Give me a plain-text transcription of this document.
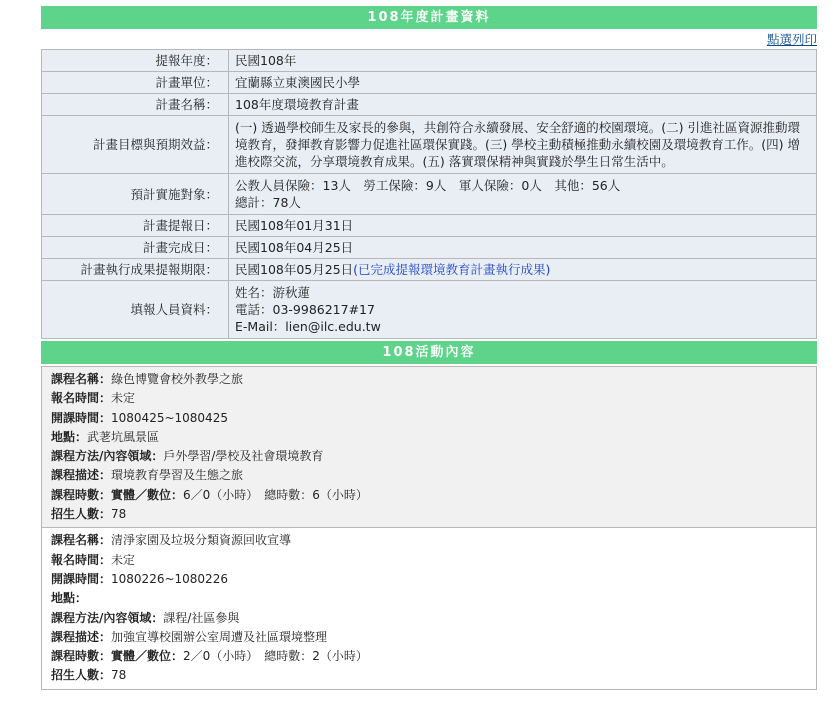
108年度計畫資料
點選列印
提報年度：	民國108年
計畫單位：	宜蘭縣立東澳國民小學
計畫名稱：	108年度環境教育計畫
計畫目標與預期效益：	(一) 透過學校師生及家長的參與，共創符合永續發展、安全舒適的校園環境。(二) 引進社區資源推動環境教育，發揮教育影響力促進社區環保實踐。(三) 學校主動積極推動永續校園及環境教育工作。(四) 增進校際交流，分享環境教育成果。(五) 落實環保精神與實踐於學生日常生活中。
預計實施對象：	公教人員保險：13人　勞工保險：9人　軍人保險：0人　其他：56人
總計：78人

計畫提報日：	民國108年01月31日
計畫完成日：	民國108年04月25日
計畫執行成果提報期限：	民國108年05月25日(已完成提報環境教育計畫執行成果)
填報人員資料：	姓名：游秋蓮
電話：03-9986217#17
E-Mail：lien@ilc.edu.tw
108活動內容
課程名稱：綠色博覽會校外教學之旅
報名時間：未定
開課時間：1080425~1080425
地點：武荖坑風景區
課程方法/內容領域：戶外學習/學校及社會環境教育
課程描述：環境教育學習及生態之旅
課程時數：實體／數位：6／0（小時）　總時數：6（小時）
招生人數：78
課程名稱：清淨家園及垃圾分類資源回收宣導
報名時間：未定
開課時間：1080226~1080226
地點：
課程方法/內容領域：課程/社區參與
課程描述：加強宣導校園辦公室周遭及社區環境整理
課程時數：實體／數位：2／0（小時）　總時數：2（小時）
招生人數：78
